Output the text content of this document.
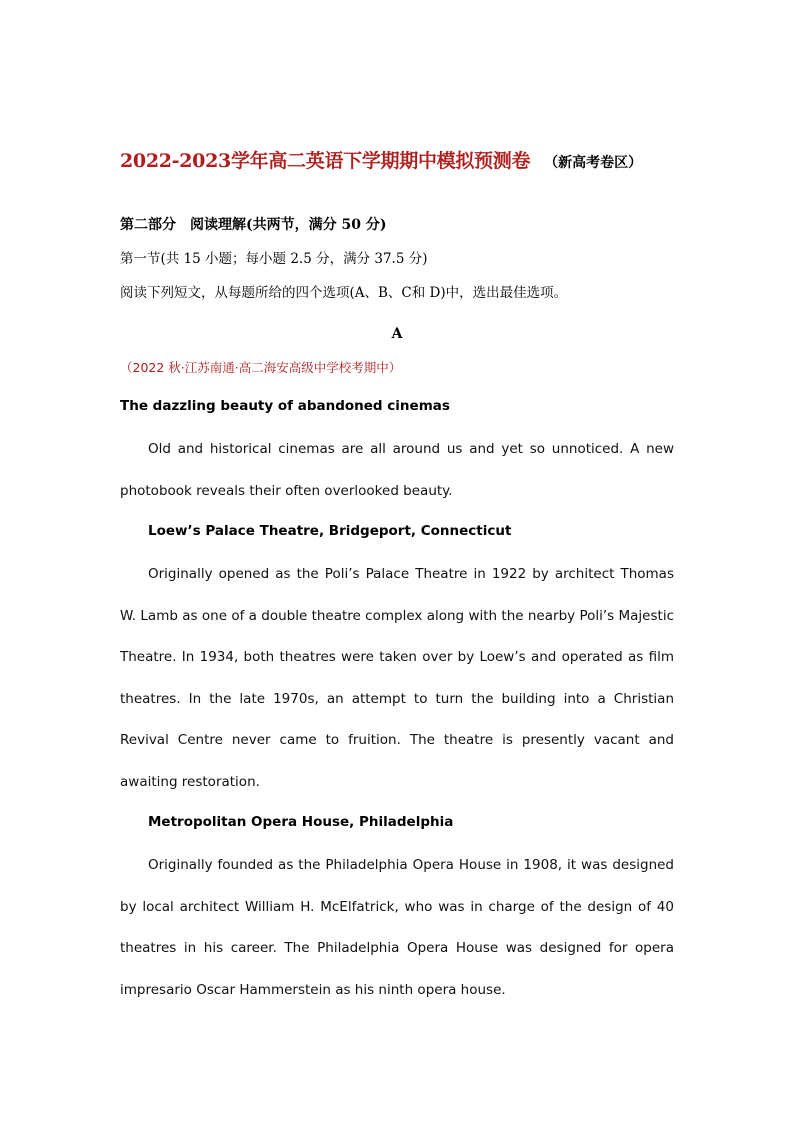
2022-2023学年高二英语下学期期中模拟预测卷 （新高考卷区）
第二部分　阅读理解(共两节，满分 50 分)
第一节(共 15 小题；每小题 2.5 分，满分 37.5 分)
阅读下列短文，从每题所给的四个选项(A、B、C和 D)中，选出最佳选项。
A
（2022 秋·江苏南通·高二海安高级中学校考期中）
The dazzling beauty of abandoned cinemas

Old and historical cinemas are all around us and yet so unnoticed. A new photobook reveals their often overlooked beauty.

Loew’s Palace Theatre, Bridgeport, Connecticut

Originally opened as the Poli’s Palace Theatre in 1922 by architect Thomas W. Lamb as one of a double theatre complex along with the nearby Poli’s Majestic Theatre. In 1934, both theatres were taken over by Loew’s and operated as film theatres. In the late 1970s, an attempt to turn the building into a Christian Revival Centre never came to fruition. The theatre is presently vacant and awaiting restoration.

Metropolitan Opera House, Philadelphia

Originally founded as the Philadelphia Opera House in 1908, it was designed by local architect William H. McElfatrick, who was in charge of the design of 40 theatres in his career. The Philadelphia Opera House was designed for opera impresario Oscar Hammerstein as his ninth opera house.
